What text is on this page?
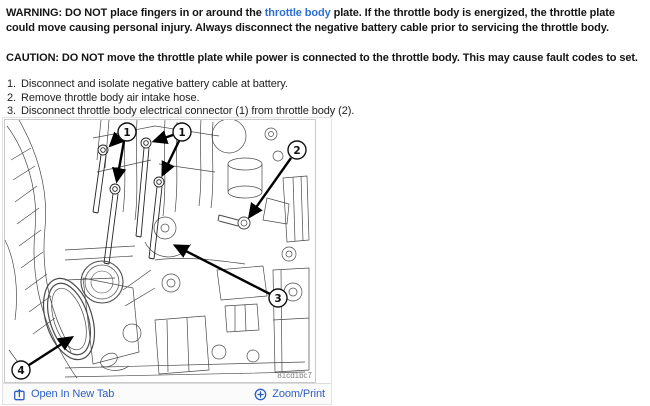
WARNING: DO NOT place fingers in or around the throttle body plate. If the throttle body is energized, the throttle plate could move causing personal injury. Always disconnect the negative battery cable prior to servicing the throttle body.

CAUTION: DO NOT move the throttle plate while power is connected to the throttle body. This may cause fault codes to set.

1. Disconnect and isolate negative battery cable at battery.
2. Remove throttle body air intake hose.
3. Disconnect throttle body electrical connector (1) from throttle body (2).
1	1
2
3
4	81cd1bc7
Open In New Tab	Zoom/Print
